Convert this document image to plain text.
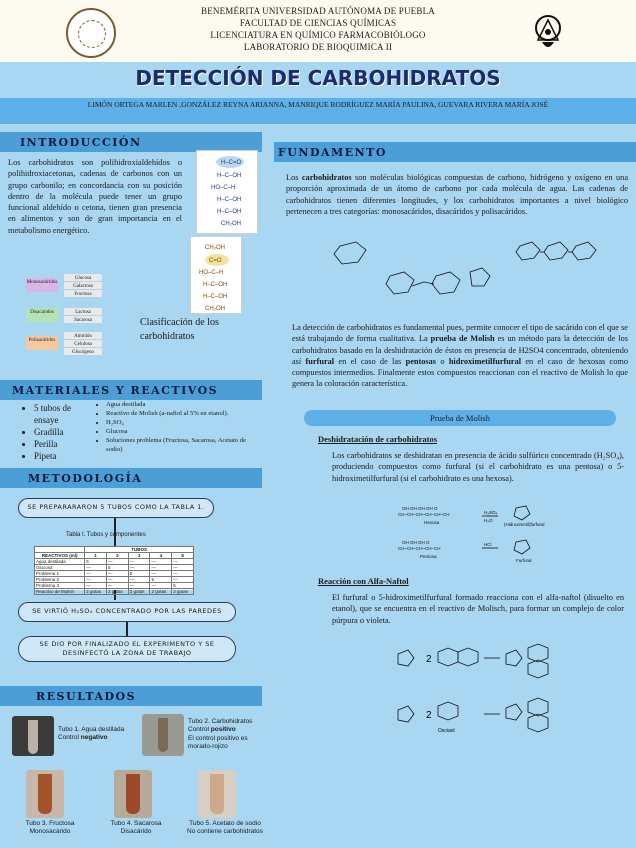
BENEMÉRITA UNIVERSIDAD AUTÓNOMA DE PUEBLA
FACULTAD DE CIENCIAS QUÍMICAS
LICENCIATURA EN QUÍMICO FARMACOBIÓLOGO
LABORATORIO DE BIOQUIMICA II
DETECCIÓN DE CARBOHIDRATOS
LIMÓN ORTEGA MARLEN ,GONZÁLEZ REYNA ARIANNA, MANRIQUE RODRÍGUEZ MARÍA PAULINA, GUEVARA RIVERA MARÍA JOSÉ
INTRODUCCIÓN
Los carbohidratos son polihidroxialdehídos o polihidroxiacetonas, cadenas de carbonos con un grupo carbonilo; en concordancia con su posición dentro de la molécula puede tener un grupo funcional aldehído o cetona, tienen gran presencia en alimentos y son de gran importancia en el metabolismo energético.
H–C=O
H–C–OH
HO–C–H
H–C–OH
H–C–OH
CH₂OH
CH₂OH
C=O
HO–C–H
H–C–OH
H–C–OH
CH₂OH
Monosacáridos
Disacáridos
Polisacáridos
Glucosa
Galactosa
Fructosa
Lactosa
Sacarosa
Almidón
Celulosa
Glucógeno
Clasificación de los carbohidratos
MATERIALES Y REACTIVOS
• 5 tubos de ensaye
• Gradilla
• Perilla
• Pipeta
• Agua destilada
• Reactivo de Molish (a-naftol al 5% en etanol).
• H₂SO₄
• Glucosa
• Soluciones problema (Fructosa, Sacarosa, Acetato de sodio)
METODOLOGÍA
SE PREPARARARON 5 TUBOS COMO LA TABLA 1.
Tabla I. Tubos y componentes
	TUBOS				
REACTIVOS (ml)	1	2	3	4	5
Agua destilada	5	—	—	—	—
Glucosa	—	5	—	—	—
Problema 1	—	—	5	—	—
Problema 2	—	—	—	5	—
Problema 3	—	—	—	—	5
Reactivo de Molish	2 gotas	2 gotas	2 gotas	2 gotas	2 gotas
SE VIRTIÓ H₂SO₄ CONCENTRADO POR LAS PAREDES
SE DIO POR FINALIZADO EL EXPERIMENTO Y SE DESINFECTÓ LA ZONA DE TRABAJO
RESULTADOS
Tubo 1. Agua destilada
Control negativo
Tubo 2. Carbohidratos
Control positivo
El control positivo es morado-rojizo
Tubo 3. Fructosa
Monosacárido
Tubo 4. Sacarosa
Disacárido
Tubo 5. Acetato de sodio
No contiene carbohidratos
FUNDAMENTO
Los carbohidratos son moléculas biológicas compuestas de carbono, hidrógeno y oxígeno en una proporción aproximada de un átomo de carbono por cada molécula de agua. Las cadenas de carbohidratos tienen diferentes longitudes, y los carbohidratos importantes a nivel biológico pertenecen a tres categorías: monosacáridos, disacáridos y polisacáridos.
La detección de carbohidratos es fundamental pues, permite conocer el tipo de sacárido con el que se está trabajando de forma cualitativa. La prueba de Molish es un método para la detección de los carbohidratos basado en la deshidratación de éstos en presencia de H2SO4 concentrado, obteniendo así furfural en el caso de las pentosas o hidroximetilfurfural en el caso de hexosas como compuestos intermedios. Finalmente estos compuestos reaccionan con el reactivo de Molish lo que genera la coloración característica.
Prueba de Molish
Deshidratación de carbohidratos
Los carbohidratos se deshidratan en presencia de ácido sulfúrico concentrado (H₂SO₄), produciendo compuestos como furfural (si el carbohidrato es una pentosa) o 5-hidroximetilfurfural (si el carbohidrato es una hexosa).
OH OH OH OH O
CH–CH–CH–CH–CH–CH
Hexosa
H₂SO₄
H₂O
OH OH OH O
CH–CH–CH–CH–CH
Pentosa
HCl
(Hidroximetil)furfural
Furfural
Reacción con Alfa-Naftol
El furfural o 5-hidroximetilfurfural formado reacciona con el alfa-naftol (disuelto en etanol), que se encuentra en el reactivo de Molisch, para formar un complejo de color púrpura o violeta.
2
2
Oxciaol
